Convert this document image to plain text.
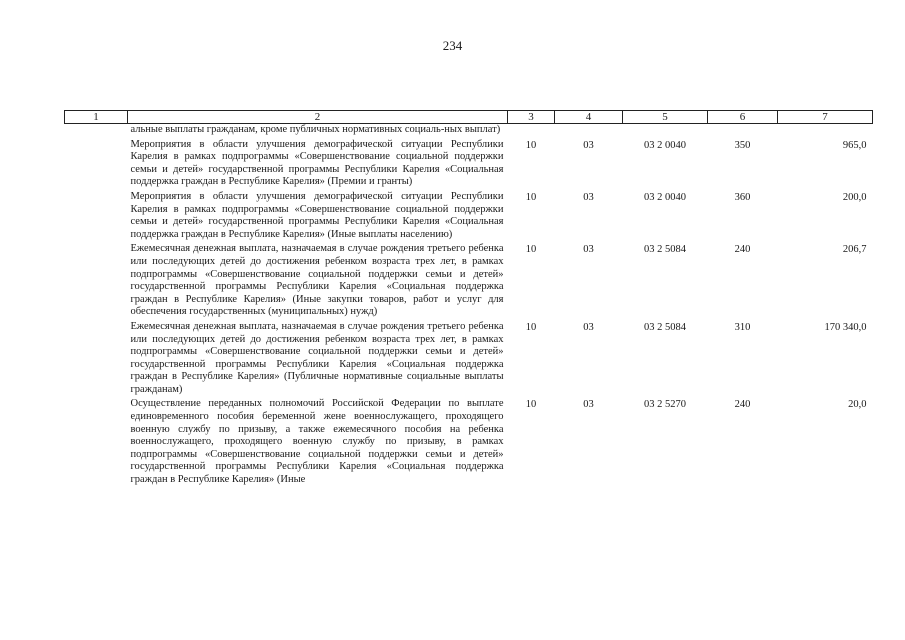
234
1	2	3	4	5	6	7
	альные выплаты гражданам, кроме публичных нормативных социаль-ных выплат)					
	Мероприятия в области улучшения демографической ситуации Республики Карелия в рамках подпрограммы «Совершенствование социальной поддержки семьи и детей» государственной программы Республики Карелия «Социальная поддержка граждан в Республике Карелия» (Премии и гранты)	10	03	03 2 0040	350	965,0
	Мероприятия в области улучшения демографической ситуации Республики Карелия в рамках подпрограммы «Совершенствование социальной поддержки семьи и детей» государственной программы Республики Карелия «Социальная поддержка граждан в Республике Карелия» (Иные выплаты населению)	10	03	03 2 0040	360	200,0
	Ежемесячная денежная выплата, назначаемая в случае рождения третьего ребенка или последующих детей до достижения ребенком возраста трех лет, в рамках подпрограммы «Совершенствование социальной поддержки семьи и детей» государственной программы Республики Карелия «Социальная поддержка граждан в Республике Карелия» (Иные закупки товаров, работ и услуг для обеспечения государственных (муниципальных) нужд)	10	03	03 2 5084	240	206,7
	Ежемесячная денежная выплата, назначаемая в случае рождения третьего ребенка или последующих детей до достижения ребенком возраста трех лет, в рамках подпрограммы «Совершенствование социальной поддержки семьи и детей» государственной программы Республики Карелия «Социальная поддержка граждан в Республике Карелия» (Публичные нормативные социальные выплаты гражданам)	10	03	03 2 5084	310	170 340,0
	Осуществление переданных полномочий Российской Федерации по выплате единовременного пособия беременной жене военнослужащего, проходящего военную службу по призыву, а также ежемесячного пособия на ребенка военнослужащего, проходящего военную службу по призыву, в рамках подпрограммы «Совершенствование социальной поддержки семьи и детей» государственной программы Республики Карелия «Социальная поддержка граждан в Республике Карелия» (Иные	10	03	03 2 5270	240	20,0
